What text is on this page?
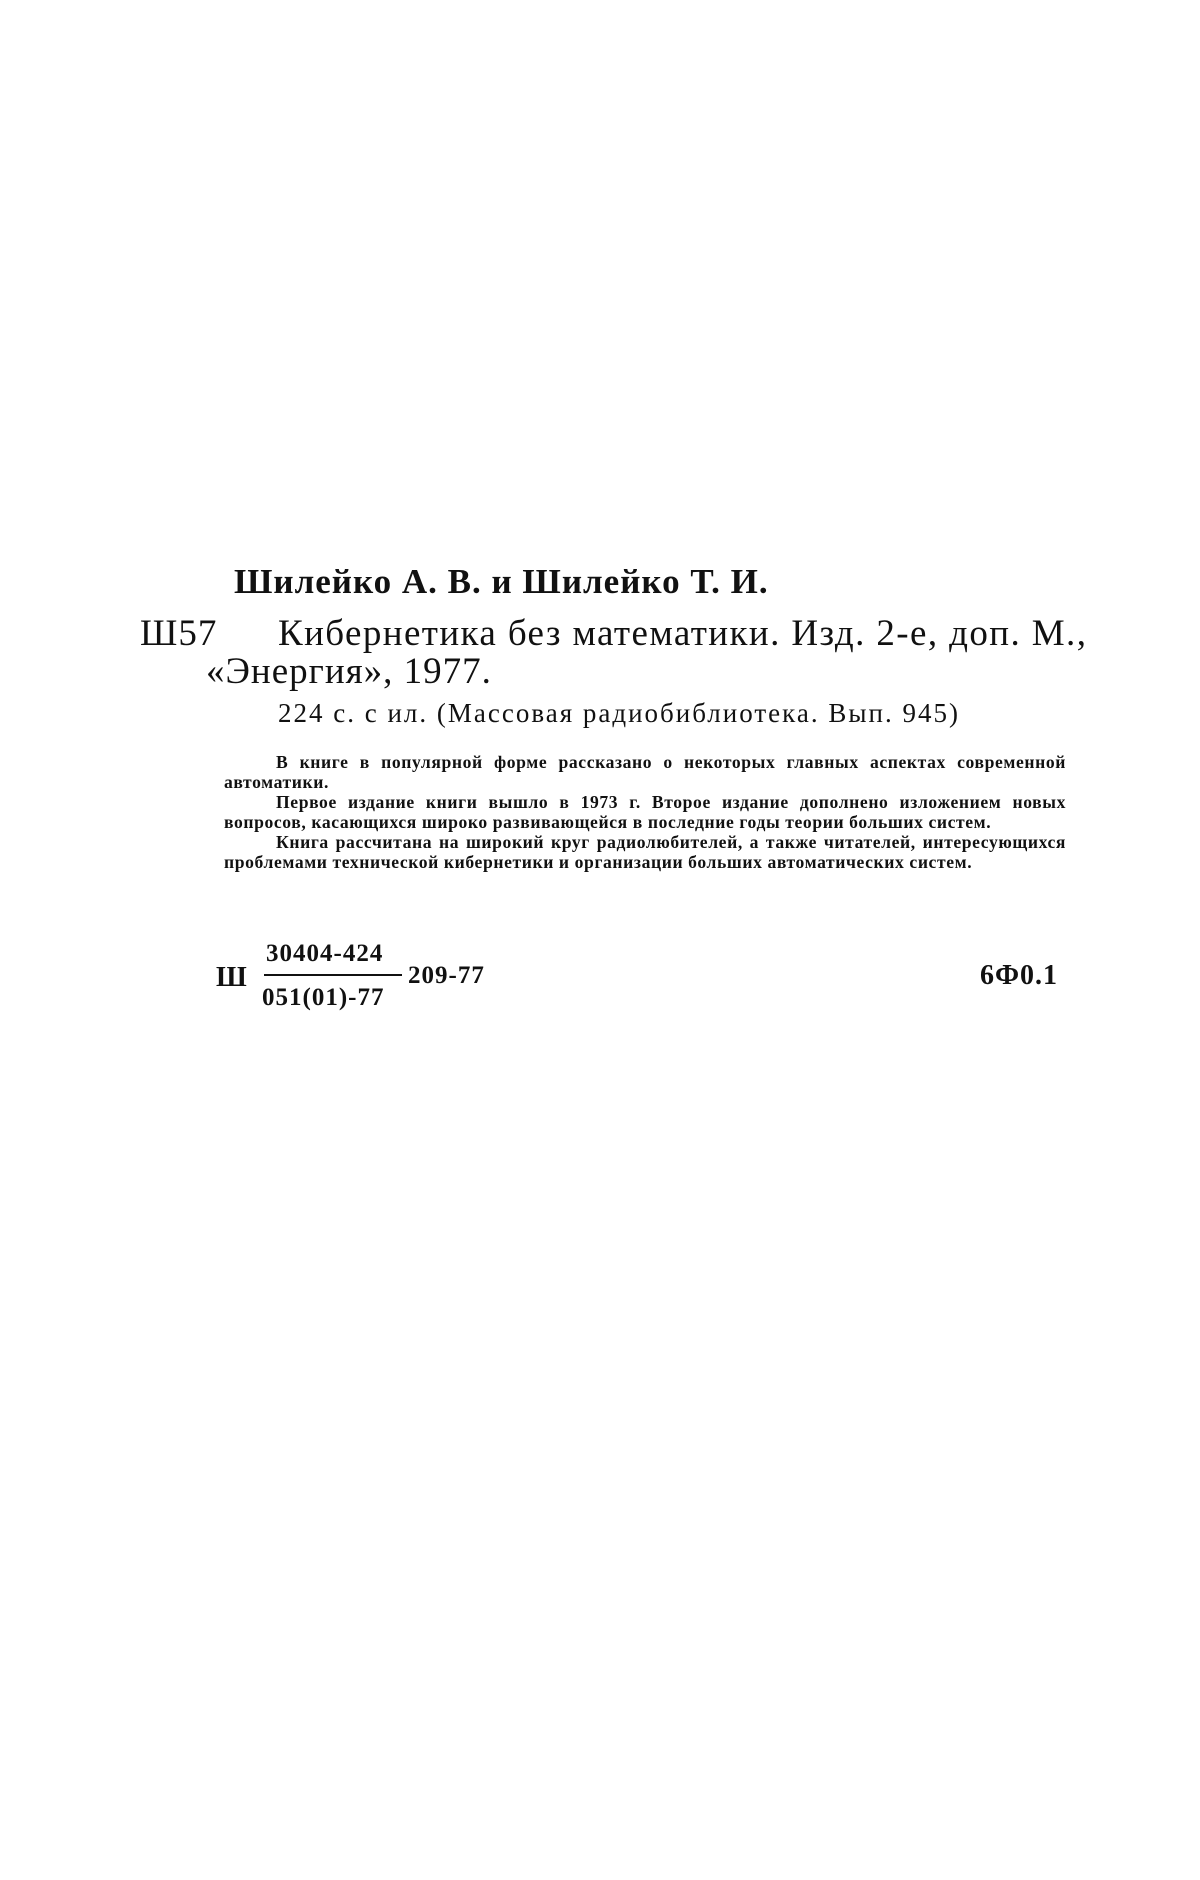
Шилейко А. В. и Шилейко Т. И.
Ш57 Кибернетика без математики. Изд. 2-е, доп. М.,
«Энергия», 1977.
224 с. с ил. (Массовая радиобиблиотека. Вып. 945)

В книге в популярной форме рассказано о некоторых главных аспектах современной автоматики.

Первое издание книги вышло в 1973 г. Второе издание дополнено изложением новых вопросов, касающихся широко развивающейся в последние годы теории больших систем.

Книга рассчитана на широкий круг радиолюбителей, а также читателей, интересующихся проблемами технической кибернетики и организации больших автоматических систем.

Ш
30404-424
051(01)-77
209-77	6Ф0.1
